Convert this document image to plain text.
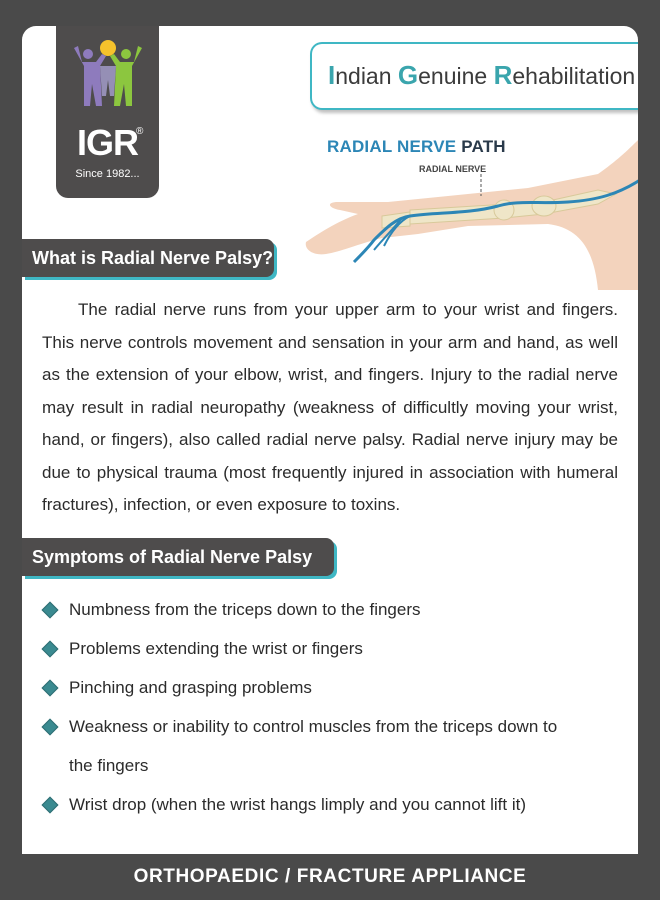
IGR
®
Since 1982...
Indian Genuine Rehabilitation
RADIAL NERVE PATH
RADIAL NERVE
What is Radial Nerve Palsy?

The radial nerve runs from your upper arm to your wrist and fingers. This nerve controls movement and sensation in your arm and hand, as well as the extension of your elbow, wrist, and fingers. Injury to the radial nerve may result in radial neuropathy (weakness of difficultly moving your wrist, hand, or fingers), also called radial nerve palsy. Radial nerve injury may be due to physical trauma (most frequently injured in association with humeral fractures), infection, or even exposure to toxins.

Symptoms of Radial Nerve Palsy
Numbness from the triceps down to the fingers
Problems extending the wrist or fingers
Pinching and grasping problems
Weakness or inability to control muscles from the triceps down to the fingers
Wrist drop (when the wrist hangs limply and you cannot lift it)
ORTHOPAEDIC / FRACTURE APPLIANCE
